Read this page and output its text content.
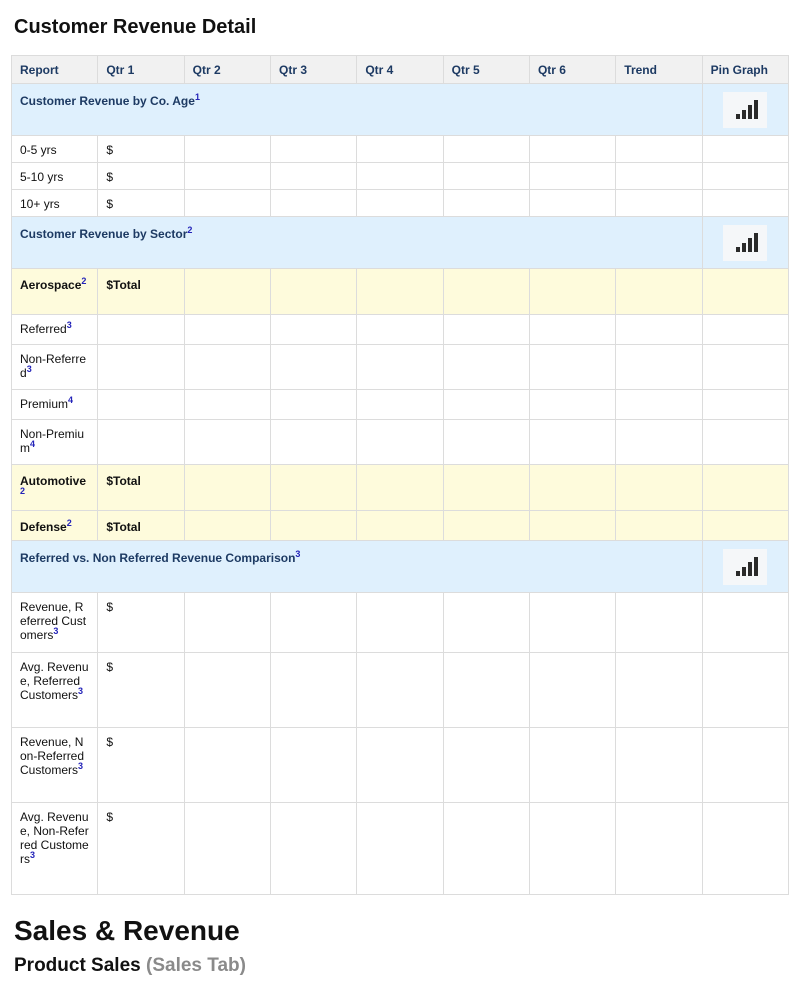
Customer Revenue Detail
Report	Qtr 1	Qtr 2	Qtr 3	Qtr 4	Qtr 5	Qtr 6	Trend	Pin Graph
Customer Revenue by Co. Age$^1$	

0-5 yrs	$							
5-10 yrs	$							
10+ yrs	$							
Customer Revenue by Sector$^2$	

Aerospace$^2$	$Total							
Referred$^3$								
Non-Referred$^3$								
Premium$^4$								
Non-Premium$^4$								
Automotive$^2$	$Total							
Defense$^2$	$Total							
Referred vs. Non Referred Revenue Comparison$^3$	

Revenue, Referred Customers$^3$	$							
Avg. Revenue, Referred Customers$^3$	$							
Revenue, Non-Referred Customers$^3$	$							
Avg. Revenue, Non-Referred Customers$^3$	$							
Sales & Revenue
Product Sales (Sales Tab)
